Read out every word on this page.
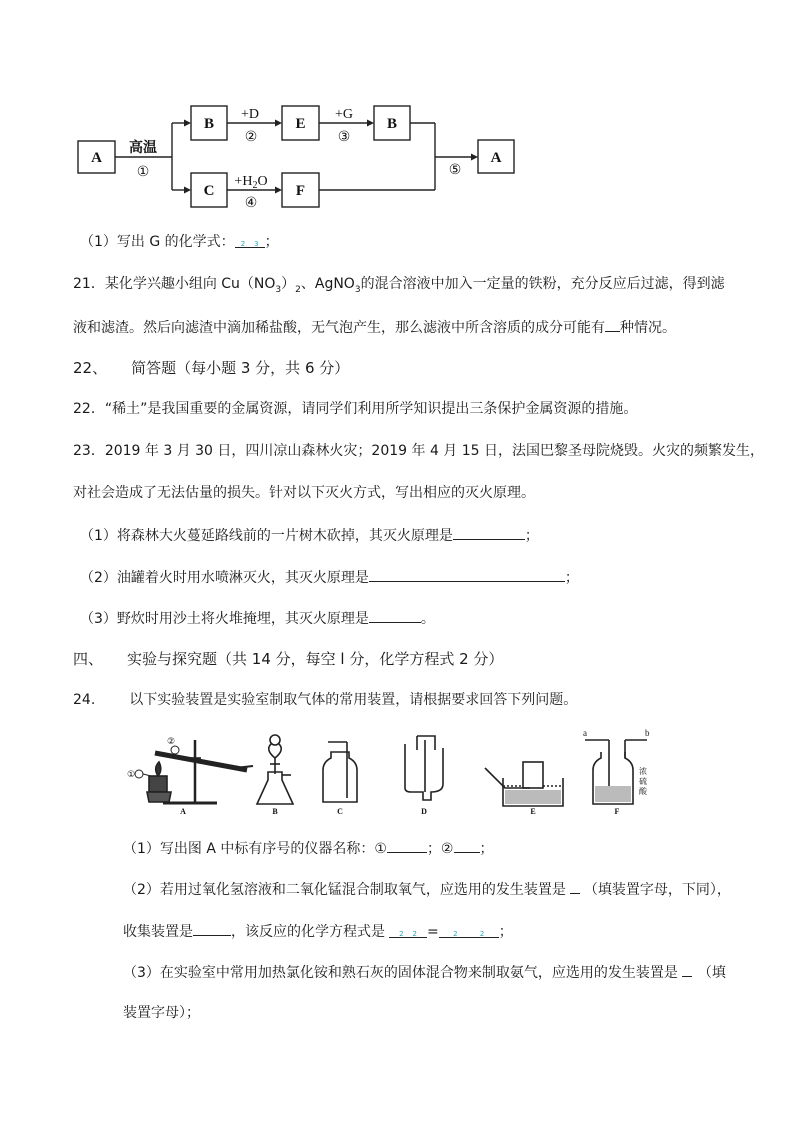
A
B	E	B
C	F
A
高温
①
+D
②
+G
③
$+H_2O$
④
⑤
（1）写出 G 的化学式： 2 3 ；
21．某化学兴趣小组向 $Cu(NO_3)_2$、AgNO$_3$的混合溶液中加入一定量的铁粉，充分反应后过滤，得到滤
液和滤渣。然后向滤渣中滴加稀盐酸，无气泡产生，那么滤液中所含溶质的成分可能有 种情况。
22、 简答题（每小题 3 分，共 6 分）
22．“稀土”是我国重要的金属资源，请同学们利用所学知识提出三条保护金属资源的措施。
23．2019 年 3 月 30 日，四川凉山森林火灾；2019 年 4 月 15 日，法国巴黎圣母院烧毁。火灾的频繁发生，
对社会造成了无法估量的损失。针对以下灭火方式，写出相应的灭火原理。
（1）将森林大火蔓延路线前的一片树木砍掉，其灭火原理是	；
（2）油罐着火时用水喷淋灭火，其灭火原理是	；
（3）野炊时用沙土将火堆掩埋，其灭火原理是	。
四、 实验与探究题（共 14 分，每空 l 分，化学方程式 2 分）
24. 以下实验装置是实验室制取气体的常用装置，请根据要求回答下列问题。
A	B	C	D	E	F
①
②
a	b
浓
硫
酸
（1）写出图 A 中标有序号的仪器名称：①	；② ；
（2）若用过氧化氢溶液和二氧化锰混合制取氧气，应选用的发生装置是 （填装置字母，下同），
收集装置是	，该反应的化学方程式是 2 2 = 2	2 ；
（3）在实验室中常用加热氯化铵和熟石灰的固体混合物来制取氨气，应选用的发生装置是 （填
装置字母）；
